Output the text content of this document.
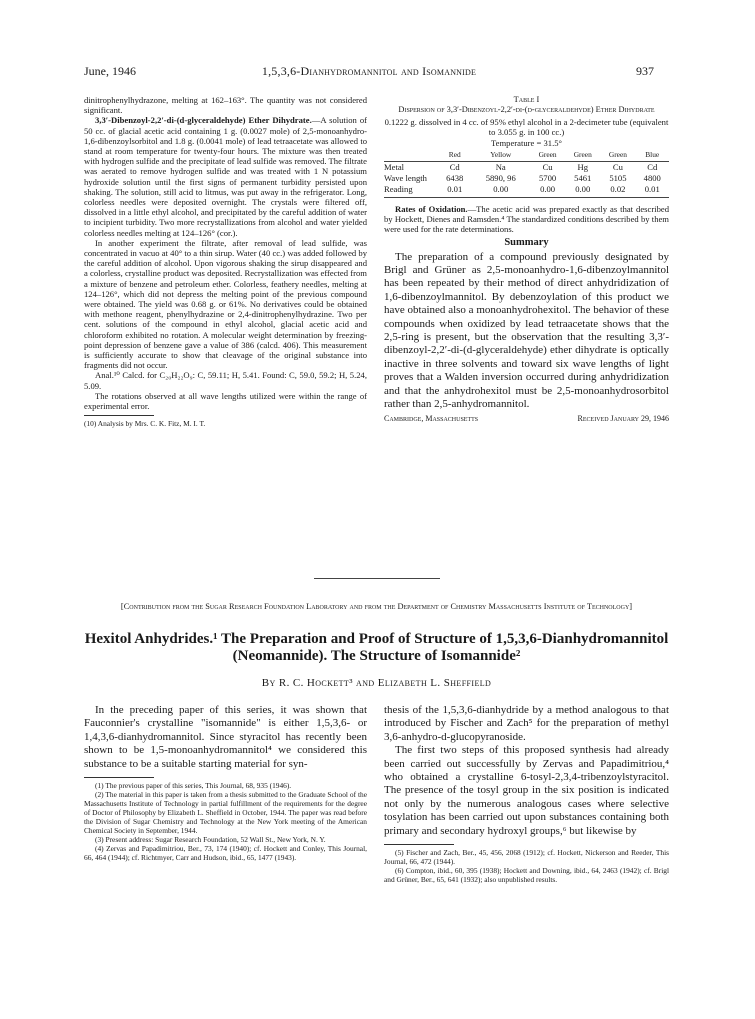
June, 1946	1,5,3,6-Dianhydromannitol and Isomannide	937

dinitrophenylhydrazone, melting at 162–163°. The quantity was not considered significant.

3,3′-Dibenzoyl-2,2′-di-(d-glyceraldehyde) Ether Dihydrate.—A solution of 50 cc. of glacial acetic acid containing 1 g. (0.0027 mole) of 2,5-monoanhydro-1,6-dibenzoylsorbitol and 1.8 g. (0.0041 mole) of lead tetraacetate was allowed to stand at room temperature for twenty-four hours. The mixture was then treated with hydrogen sulfide and the precipitate of lead sulfide was removed. The filtrate was aerated to remove hydrogen sulfide and was treated with 1 N potassium hydroxide solution until the first signs of permanent turbidity persisted upon shaking. The solution, still acid to litmus, was put away in the refrigerator. Long, colorless needles were deposited overnight. The crystals were filtered off, dissolved in a little ethyl alcohol, and precipitated by the careful addition of water to incipient turbidity. Two more recrystallizations from alcohol and water yielded colorless needles melting at 124–126° (cor.).

In another experiment the filtrate, after removal of lead sulfide, was concentrated in vacuo at 40° to a thin sirup. Water (40 cc.) was added followed by the careful addition of alcohol. Upon vigorous shaking the sirup disappeared and a colorless, crystalline product was deposited. Recrystallization was effected from a mixture of benzene and petroleum ether. Colorless, feathery needles, melting at 124–126°, which did not depress the melting point of the previous compound were obtained. The yield was 0.68 g. or 61%. No derivatives could be obtained with methone reagent, phenylhydrazine or 2,4-dinitrophenylhydrazine. Two per cent. solutions of the compound in ethyl alcohol, glacial acetic acid and chloroform exhibited no rotation. A molecular weight determination by freezing-point depression of benzene gave a value of 386 (calcd. 406). This measurement is sufficiently accurate to show that cleavage of the original substance into fragments did not occur.

Anal.¹⁰ Calcd. for C₂₀H₂₂O₉: C, 59.11; H, 5.41. Found: C, 59.0, 59.2; H, 5.24, 5.09.

The rotations observed at all wave lengths utilized were within the range of experimental error.

(10) Analysis by Mrs. C. K. Fitz, M. I. T.

Table I
Dispersion of 3,3′-Dibenzoyl-2,2′-di-(d-glyceraldehyde) Ether Dihydrate
0.1222 g. dissolved in 4 cc. of 95% ethyl alcohol in a 2-decimeter tube (equivalent to 3.055 g. in 100 cc.)
Temperature = 31.5°
	Red	Yellow	Green	Green	Green	Blue
Metal	Cd	Na	Cu	Hg	Cu	Cd
Wave length	6438	5890, 96	5700	5461	5105	4800
Reading	0.01	0.00	0.00	0.00	0.02	0.01

Rates of Oxidation.—The acetic acid was prepared exactly as that described by Hockett, Dienes and Ramsden.⁴ The standardized conditions described by them were used for the rate determinations.

Summary

The preparation of a compound previously designated by Brigl and Grüner as 2,5-monoanhydro-1,6-dibenzoylmannitol has been repeated by their method of direct anhydridization of 1,6-dibenzoylmannitol. By debenzoylation of this product we have obtained also a monoanhydrohexitol. The behavior of these compounds when oxidized by lead tetraacetate shows that the 2,5-ring is present, but the observation that the resulting 3,3′-dibenzoyl-2,2′-di-(d-glyceraldehyde) ether dihydrate is optically inactive in three solvents and toward six wave lengths of light proves that a Walden inversion occurred during anhydridization and that the anhydrohexitol must be 2,5-monoanhydrosorbitol rather than 2,5-anhydromannitol.

Cambridge, Massachusetts	Received January 29, 1946
[Contribution from the Sugar Research Foundation Laboratory and from the Department of Chemistry Massachusetts Institute of Technology]
Hexitol Anhydrides.¹ The Preparation and Proof of Structure of 1,5,3,6-Dianhydromannitol (Neomannide). The Structure of Isomannide²
By R. C. Hockett³ and Elizabeth L. Sheffield

In the preceding paper of this series, it was shown that Fauconnier's crystalline "isomannide" is either 1,5,3,6- or 1,4,3,6-dianhydromannitol. Since styracitol has recently been shown to be 1,5-monoanhydromannitol⁴ we considered this substance to be a suitable starting material for syn-

(1) The previous paper of this series, This Journal, 68, 935 (1946).

(2) The material in this paper is taken from a thesis submitted to the Graduate School of the Massachusetts Institute of Technology in partial fulfillment of the requirements for the degree of Doctor of Philosophy by Elizabeth L. Sheffield in October, 1944. The paper was read before the Division of Sugar Chemistry and Technology at the New York meeting of the American Chemical Society in September, 1944.

(3) Present address: Sugar Research Foundation, 52 Wall St., New York, N. Y.

(4) Zervas and Papadimitriou, Ber., 73, 174 (1940); cf. Hockett and Conley, This Journal, 66, 464 (1944); cf. Richtmyer, Carr and Hudson, ibid., 65, 1477 (1943).

thesis of the 1,5,3,6-dianhydride by a method analogous to that introduced by Fischer and Zach⁵ for the preparation of methyl 3,6-anhydro-d-glucopyranoside.

The first two steps of this proposed synthesis had already been carried out successfully by Zervas and Papadimitriou,⁴ who obtained a crystalline 6-tosyl-2,3,4-tribenzoylstyracitol. The presence of the tosyl group in the six position is indicated not only by the numerous analogous cases where selective tosylation has been carried out upon substances containing both primary and secondary hydroxyl groups,⁶ but likewise by

(5) Fischer and Zach, Ber., 45, 456, 2068 (1912); cf. Hockett, Nickerson and Reeder, This Journal, 66, 472 (1944).

(6) Compton, ibid., 60, 395 (1938); Hockett and Downing, ibid., 64, 2463 (1942); cf. Brigl and Grüner, Ber., 65, 641 (1932); also unpublished results.
